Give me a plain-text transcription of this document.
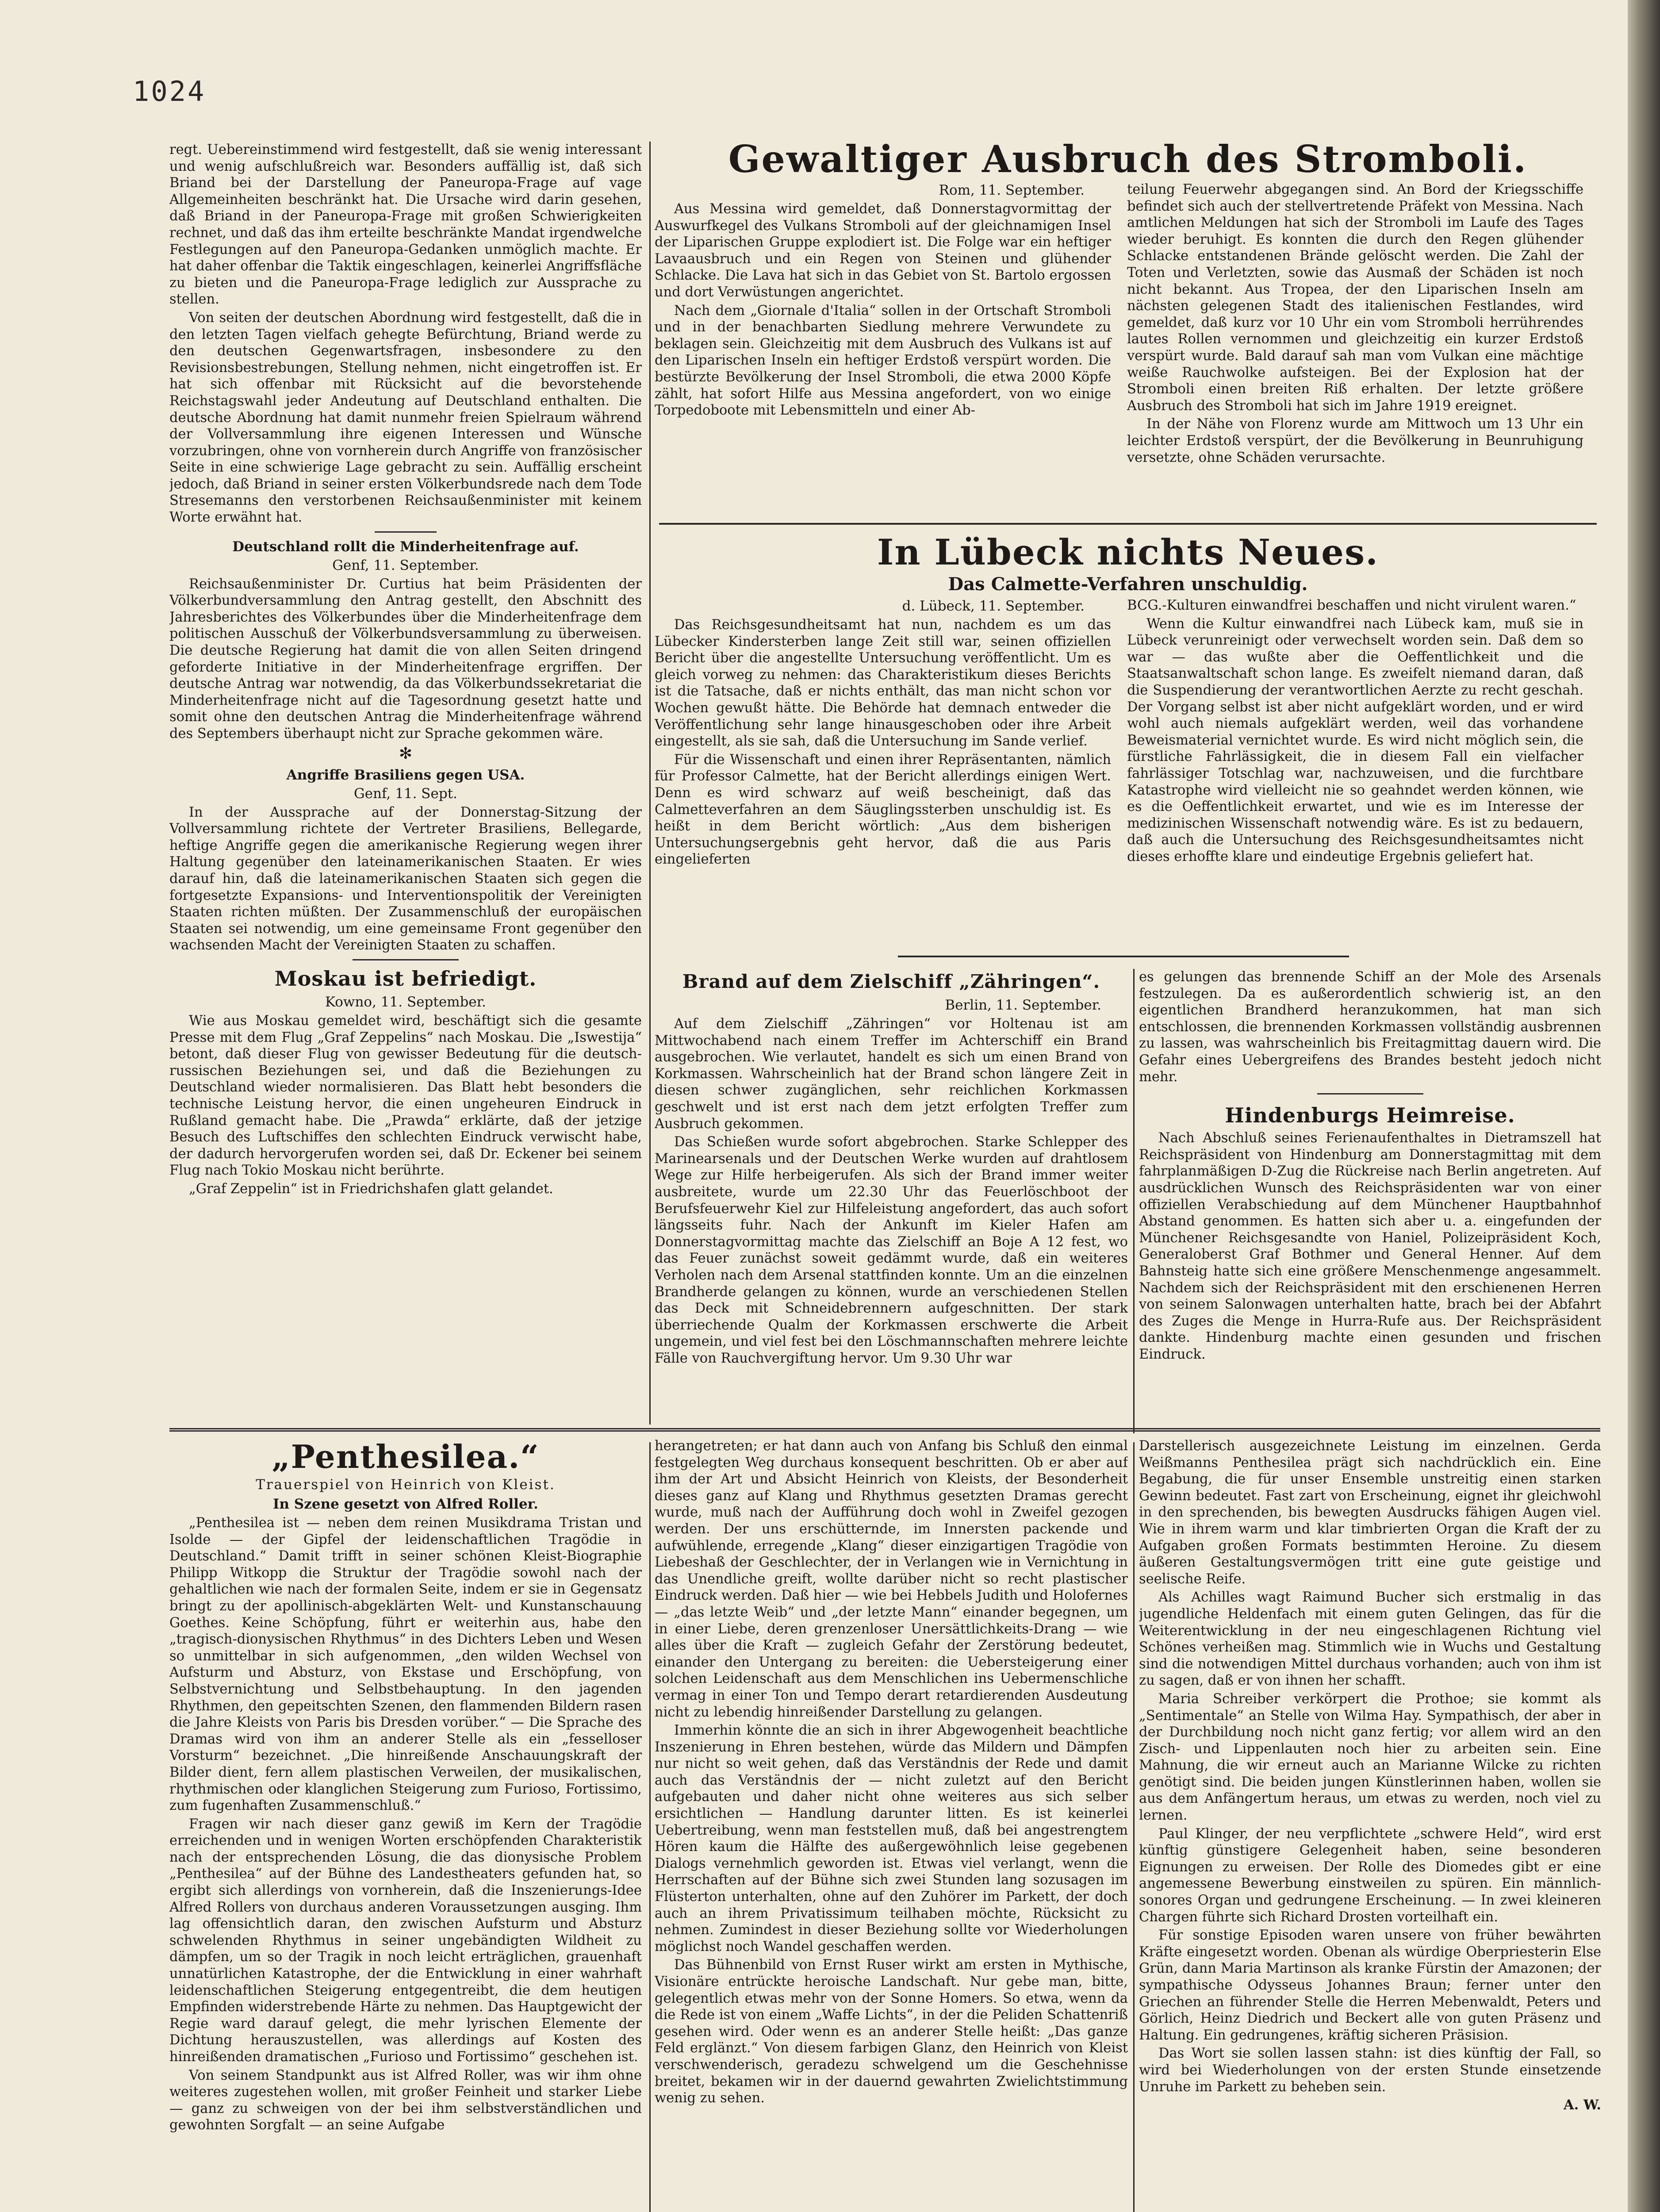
1024

regt. Uebereinstimmend wird festgestellt, daß sie wenig interessant und wenig aufschlußreich war. Besonders auffällig ist, daß sich Briand bei der Darstellung der Paneuropa-Frage auf vage Allgemeinheiten beschränkt hat. Die Ursache wird darin gesehen, daß Briand in der Paneuropa-Frage mit großen Schwierigkeiten rechnet, und daß das ihm erteilte beschränkte Mandat irgendwelche Festlegungen auf den Paneuropa-Gedanken unmöglich machte. Er hat daher offenbar die Taktik eingeschlagen, keinerlei Angriffsfläche zu bieten und die Paneuropa-Frage lediglich zur Aussprache zu stellen.

Von seiten der deutschen Abordnung wird festgestellt, daß die in den letzten Tagen vielfach gehegte Befürchtung, Briand werde zu den deutschen Gegenwartsfragen, insbesondere zu den Revisionsbestrebungen, Stellung nehmen, nicht eingetroffen ist. Er hat sich offenbar mit Rücksicht auf die bevorstehende Reichstagswahl jeder Andeutung auf Deutschland enthalten. Die deutsche Abordnung hat damit nunmehr freien Spielraum während der Vollversammlung ihre eigenen Interessen und Wünsche vorzubringen, ohne von vornherein durch Angriffe von französischer Seite in eine schwierige Lage gebracht zu sein. Auffällig erscheint jedoch, daß Briand in seiner ersten Völkerbundsrede nach dem Tode Stresemanns den verstorbenen Reichsaußenminister mit keinem Worte erwähnt hat.

Deutschland rollt die Minderheitenfrage auf.
Genf, 11. September.

Reichsaußenminister Dr. Curtius hat beim Präsidenten der Völkerbundversammlung den Antrag gestellt, den Abschnitt des Jahresberichtes des Völkerbundes über die Minderheitenfrage dem politischen Ausschuß der Völkerbundsversammlung zu überweisen. Die deutsche Regierung hat damit die von allen Seiten dringend geforderte Initiative in der Minderheitenfrage ergriffen. Der deutsche Antrag war notwendig, da das Völkerbundssekretariat die Minderheitenfrage nicht auf die Tagesordnung gesetzt hatte und somit ohne den deutschen Antrag die Minderheitenfrage während des Septembers überhaupt nicht zur Sprache gekommen wäre.

✻
Angriffe Brasiliens gegen USA.
Genf, 11. Sept.

In der Aussprache auf der Donnerstag-Sitzung der Vollversammlung richtete der Vertreter Brasiliens, Bellegarde, heftige Angriffe gegen die amerikanische Regierung wegen ihrer Haltung gegenüber den lateinamerikanischen Staaten. Er wies darauf hin, daß die lateinamerikanischen Staaten sich gegen die fortgesetzte Expansions- und Interventionspolitik der Vereinigten Staaten richten müßten. Der Zusammenschluß der europäischen Staaten sei notwendig, um eine gemeinsame Front gegenüber den wachsenden Macht der Vereinigten Staaten zu schaffen.

Moskau ist befriedigt.
Kowno, 11. September.

Wie aus Moskau gemeldet wird, beschäftigt sich die gesamte Presse mit dem Flug „Graf Zeppelins“ nach Moskau. Die „Iswestija“ betont, daß dieser Flug von gewisser Bedeutung für die deutsch-russischen Beziehungen sei, und daß die Beziehungen zu Deutschland wieder normalisieren. Das Blatt hebt besonders die technische Leistung hervor, die einen ungeheuren Eindruck in Rußland gemacht habe. Die „Prawda“ erklärte, daß der jetzige Besuch des Luftschiffes den schlechten Eindruck verwischt habe, der dadurch hervorgerufen worden sei, daß Dr. Eckener bei seinem Flug nach Tokio Moskau nicht berührte.

„Graf Zeppelin“ ist in Friedrichshafen glatt gelandet.

Gewaltiger Ausbruch des Stromboli.
Rom, 11. September.

Aus Messina wird gemeldet, daß Donnerstagvormittag der Auswurfkegel des Vulkans Stromboli auf der gleichnamigen Insel der Liparischen Gruppe explodiert ist. Die Folge war ein heftiger Lavaausbruch und ein Regen von Steinen und glühender Schlacke. Die Lava hat sich in das Gebiet von St. Bartolo ergossen und dort Verwüstungen angerichtet.

Nach dem „Giornale d'Italia“ sollen in der Ortschaft Stromboli und in der benachbarten Siedlung mehrere Verwundete zu beklagen sein. Gleichzeitig mit dem Ausbruch des Vulkans ist auf den Liparischen Inseln ein heftiger Erdstoß verspürt worden. Die bestürzte Bevölkerung der Insel Stromboli, die etwa 2000 Köpfe zählt, hat sofort Hilfe aus Messina angefordert, von wo einige Torpedoboote mit Lebensmitteln und einer Ab-

teilung Feuerwehr abgegangen sind. An Bord der Kriegsschiffe befindet sich auch der stellvertretende Präfekt von Messina. Nach amtlichen Meldungen hat sich der Stromboli im Laufe des Tages wieder beruhigt. Es konnten die durch den Regen glühender Schlacke entstandenen Brände gelöscht werden. Die Zahl der Toten und Verletzten, sowie das Ausmaß der Schäden ist noch nicht bekannt. Aus Tropea, der den Liparischen Inseln am nächsten gelegenen Stadt des italienischen Festlandes, wird gemeldet, daß kurz vor 10 Uhr ein vom Stromboli herrührendes lautes Rollen vernommen und gleichzeitig ein kurzer Erdstoß verspürt wurde. Bald darauf sah man vom Vulkan eine mächtige weiße Rauchwolke aufsteigen. Bei der Explosion hat der Stromboli einen breiten Riß erhalten. Der letzte größere Ausbruch des Stromboli hat sich im Jahre 1919 ereignet.

In der Nähe von Florenz wurde am Mittwoch um 13 Uhr ein leichter Erdstoß verspürt, der die Bevölkerung in Beunruhigung versetzte, ohne Schäden verursachte.

In Lübeck nichts Neues.
Das Calmette-Verfahren unschuldig.
d. Lübeck, 11. September.

Das Reichsgesundheitsamt hat nun, nachdem es um das Lübecker Kindersterben lange Zeit still war, seinen offiziellen Bericht über die angestellte Untersuchung veröffentlicht. Um es gleich vorweg zu nehmen: das Charakteristikum dieses Berichts ist die Tatsache, daß er nichts enthält, das man nicht schon vor Wochen gewußt hätte. Die Behörde hat demnach entweder die Veröffentlichung sehr lange hinausgeschoben oder ihre Arbeit eingestellt, als sie sah, daß die Untersuchung im Sande verlief.

Für die Wissenschaft und einen ihrer Repräsentanten, nämlich für Professor Calmette, hat der Bericht allerdings einigen Wert. Denn es wird schwarz auf weiß bescheinigt, daß das Calmetteverfahren an dem Säuglingssterben unschuldig ist. Es heißt in dem Bericht wörtlich: „Aus dem bisherigen Untersuchungsergebnis geht hervor, daß die aus Paris eingelieferten

BCG.-Kulturen einwandfrei beschaffen und nicht virulent waren.“

Wenn die Kultur einwandfrei nach Lübeck kam, muß sie in Lübeck verunreinigt oder verwechselt worden sein. Daß dem so war — das wußte aber die Oeffentlichkeit und die Staatsanwaltschaft schon lange. Es zweifelt niemand daran, daß die Suspendierung der verantwortlichen Aerzte zu recht geschah. Der Vorgang selbst ist aber nicht aufgeklärt worden, und er wird wohl auch niemals aufgeklärt werden, weil das vorhandene Beweismaterial vernichtet wurde. Es wird nicht möglich sein, die fürstliche Fahrlässigkeit, die in diesem Fall ein vielfacher fahrlässiger Totschlag war, nachzuweisen, und die furchtbare Katastrophe wird vielleicht nie so geahndet werden können, wie es die Oeffentlichkeit erwartet, und wie es im Interesse der medizinischen Wissenschaft notwendig wäre. Es ist zu bedauern, daß auch die Untersuchung des Reichsgesundheitsamtes nicht dieses erhoffte klare und eindeutige Ergebnis geliefert hat.

Brand auf dem Zielschiff „Zähringen“.
Berlin, 11. September.

Auf dem Zielschiff „Zähringen“ vor Holtenau ist am Mittwochabend nach einem Treffer im Achterschiff ein Brand ausgebrochen. Wie verlautet, handelt es sich um einen Brand von Korkmassen. Wahrscheinlich hat der Brand schon längere Zeit in diesen schwer zugänglichen, sehr reichlichen Korkmassen geschwelt und ist erst nach dem jetzt erfolgten Treffer zum Ausbruch gekommen.

Das Schießen wurde sofort abgebrochen. Starke Schlepper des Marinearsenals und der Deutschen Werke wurden auf drahtlosem Wege zur Hilfe herbeigerufen. Als sich der Brand immer weiter ausbreitete, wurde um 22.30 Uhr das Feuerlöschboot der Berufsfeuerwehr Kiel zur Hilfeleistung angefordert, das auch sofort längsseits fuhr. Nach der Ankunft im Kieler Hafen am Donnerstagvormittag machte das Zielschiff an Boje A 12 fest, wo das Feuer zunächst soweit gedämmt wurde, daß ein weiteres Verholen nach dem Arsenal stattfinden konnte. Um an die einzelnen Brandherde gelangen zu können, wurde an verschiedenen Stellen das Deck mit Schneidebrennern aufgeschnitten. Der stark überriechende Qualm der Korkmassen erschwerte die Arbeit ungemein, und viel fest bei den Löschmannschaften mehrere leichte Fälle von Rauchvergiftung hervor. Um 9.30 Uhr war

es gelungen das brennende Schiff an der Mole des Arsenals festzulegen. Da es außerordentlich schwierig ist, an den eigentlichen Brandherd heranzukommen, hat man sich entschlossen, die brennenden Korkmassen vollständig ausbrennen zu lassen, was wahrscheinlich bis Freitagmittag dauern wird. Die Gefahr eines Uebergreifens des Brandes besteht jedoch nicht mehr.

Hindenburgs Heimreise.

Nach Abschluß seines Ferienaufenthaltes in Dietramszell hat Reichspräsident von Hindenburg am Donnerstagmittag mit dem fahrplanmäßigen D-Zug die Rückreise nach Berlin angetreten. Auf ausdrücklichen Wunsch des Reichspräsidenten war von einer offiziellen Verabschiedung auf dem Münchener Hauptbahnhof Abstand genommen. Es hatten sich aber u. a. eingefunden der Münchener Reichsgesandte von Haniel, Polizeipräsident Koch, Generaloberst Graf Bothmer und General Henner. Auf dem Bahnsteig hatte sich eine größere Menschenmenge angesammelt. Nachdem sich der Reichspräsident mit den erschienenen Herren von seinem Salonwagen unterhalten hatte, brach bei der Abfahrt des Zuges die Menge in Hurra-Rufe aus. Der Reichspräsident dankte. Hindenburg machte einen gesunden und frischen Eindruck.

„Penthesilea.“
Trauerspiel von Heinrich von Kleist.
In Szene gesetzt von Alfred Roller.

„Penthesilea ist — neben dem reinen Musikdrama Tristan und Isolde — der Gipfel der leidenschaftlichen Tragödie in Deutschland.“ Damit trifft in seiner schönen Kleist-Biographie Philipp Witkopp die Struktur der Tragödie sowohl nach der gehaltlichen wie nach der formalen Seite, indem er sie in Gegensatz bringt zu der apollinisch-abgeklärten Welt- und Kunstanschauung Goethes. Keine Schöpfung, führt er weiterhin aus, habe den „tragisch-dionysischen Rhythmus“ in des Dichters Leben und Wesen so unmittelbar in sich aufgenommen, „den wilden Wechsel von Aufsturm und Absturz, von Ekstase und Erschöpfung, von Selbstvernichtung und Selbstbehauptung. In den jagenden Rhythmen, den gepeitschten Szenen, den flammenden Bildern rasen die Jahre Kleists von Paris bis Dresden vorüber.“ — Die Sprache des Dramas wird von ihm an anderer Stelle als ein „fesselloser Vorsturm“ bezeichnet. „Die hinreißende Anschauungskraft der Bilder dient, fern allem plastischen Verweilen, der musikalischen, rhythmischen oder klanglichen Steigerung zum Furioso, Fortissimo, zum fugenhaften Zusammenschluß.“

Fragen wir nach dieser ganz gewiß im Kern der Tragödie erreichenden und in wenigen Worten erschöpfenden Charakteristik nach der entsprechenden Lösung, die das dionysische Problem „Penthesilea“ auf der Bühne des Landestheaters gefunden hat, so ergibt sich allerdings von vornherein, daß die Inszenierungs-Idee Alfred Rollers von durchaus anderen Voraussetzungen ausging. Ihm lag offensichtlich daran, den zwischen Aufsturm und Absturz schwelenden Rhythmus in seiner ungebändigten Wildheit zu dämpfen, um so der Tragik in noch leicht erträglichen, grauenhaft unnatürlichen Katastrophe, der die Entwicklung in einer wahrhaft leidenschaftlichen Steigerung entgegentreibt, die dem heutigen Empfinden widerstrebende Härte zu nehmen. Das Hauptgewicht der Regie ward darauf gelegt, die mehr lyrischen Elemente der Dichtung herauszustellen, was allerdings auf Kosten des hinreißenden dramatischen „Furioso und Fortissimo“ geschehen ist.

Von seinem Standpunkt aus ist Alfred Roller, was wir ihm ohne weiteres zugestehen wollen, mit großer Feinheit und starker Liebe — ganz zu schweigen von der bei ihm selbstverständlichen und gewohnten Sorgfalt — an seine Aufgabe

herangetreten; er hat dann auch von Anfang bis Schluß den einmal festgelegten Weg durchaus konsequent beschritten. Ob er aber auf ihm der Art und Absicht Heinrich von Kleists, der Besonderheit dieses ganz auf Klang und Rhythmus gesetzten Dramas gerecht wurde, muß nach der Aufführung doch wohl in Zweifel gezogen werden. Der uns erschütternde, im Innersten packende und aufwühlende, erregende „Klang“ dieser einzigartigen Tragödie von Liebeshaß der Geschlechter, der in Verlangen wie in Vernichtung in das Unendliche greift, wollte darüber nicht so recht plastischer Eindruck werden. Daß hier — wie bei Hebbels Judith und Holofernes — „das letzte Weib“ und „der letzte Mann“ einander begegnen, um in einer Liebe, deren grenzenloser Unersättlichkeits-Drang — wie alles über die Kraft — zugleich Gefahr der Zerstörung bedeutet, einander den Untergang zu bereiten: die Uebersteigerung einer solchen Leidenschaft aus dem Menschlichen ins Uebermenschliche vermag in einer Ton und Tempo derart retardierenden Ausdeutung nicht zu lebendig hinreißender Darstellung zu gelangen.

Immerhin könnte die an sich in ihrer Abgewogenheit beachtliche Inszenierung in Ehren bestehen, würde das Mildern und Dämpfen nur nicht so weit gehen, daß das Verständnis der Rede und damit auch das Verständnis der — nicht zuletzt auf den Bericht aufgebauten und daher nicht ohne weiteres aus sich selber ersichtlichen — Handlung darunter litten. Es ist keinerlei Uebertreibung, wenn man feststellen muß, daß bei angestrengtem Hören kaum die Hälfte des außergewöhnlich leise gegebenen Dialogs vernehmlich geworden ist. Etwas viel verlangt, wenn die Herrschaften auf der Bühne sich zwei Stunden lang sozusagen im Flüsterton unterhalten, ohne auf den Zuhörer im Parkett, der doch auch an ihrem Privatissimum teilhaben möchte, Rücksicht zu nehmen. Zumindest in dieser Beziehung sollte vor Wiederholungen möglichst noch Wandel geschaffen werden.

Das Bühnenbild von Ernst Ruser wirkt am ersten in Mythische, Visionäre entrückte heroische Landschaft. Nur gebe man, bitte, gelegentlich etwas mehr von der Sonne Homers. So etwa, wenn da die Rede ist von einem „Waffe Lichts“, in der die Peliden Schattenriß gesehen wird. Oder wenn es an anderer Stelle heißt: „Das ganze Feld erglänzt.“ Von diesem farbigen Glanz, den Heinrich von Kleist verschwenderisch, geradezu schwelgend um die Geschehnisse breitet, bekamen wir in der dauernd gewahrten Zwielichtstimmung wenig zu sehen.

Darstellerisch ausgezeichnete Leistung im einzelnen. Gerda Weißmanns Penthesilea prägt sich nachdrücklich ein. Eine Begabung, die für unser Ensemble unstreitig einen starken Gewinn bedeutet. Fast zart von Erscheinung, eignet ihr gleichwohl in den sprechenden, bis bewegten Ausdrucks fähigen Augen viel. Wie in ihrem warm und klar timbrierten Organ die Kraft der zu Aufgaben großen Formats bestimmten Heroine. Zu diesem äußeren Gestaltungsvermögen tritt eine gute geistige und seelische Reife.

Als Achilles wagt Raimund Bucher sich erstmalig in das jugendliche Heldenfach mit einem guten Gelingen, das für die Weiterentwicklung in der neu eingeschlagenen Richtung viel Schönes verheißen mag. Stimmlich wie in Wuchs und Gestaltung sind die notwendigen Mittel durchaus vorhanden; auch von ihm ist zu sagen, daß er von ihnen her schafft.

Maria Schreiber verkörpert die Prothoe; sie kommt als „Sentimentale“ an Stelle von Wilma Hay. Sympathisch, der aber in der Durchbildung noch nicht ganz fertig; vor allem wird an den Zisch- und Lippenlauten noch hier zu arbeiten sein. Eine Mahnung, die wir erneut auch an Marianne Wilcke zu richten genötigt sind. Die beiden jungen Künstlerinnen haben, wollen sie aus dem Anfängertum heraus, um etwas zu werden, noch viel zu lernen.

Paul Klinger, der neu verpflichtete „schwere Held“, wird erst künftig günstigere Gelegenheit haben, seine besonderen Eignungen zu erweisen. Der Rolle des Diomedes gibt er eine angemessene Bewerbung einstweilen zu spüren. Ein männlich-sonores Organ und gedrungene Erscheinung. — In zwei kleineren Chargen führte sich Richard Drosten vorteilhaft ein.

Für sonstige Episoden waren unsere von früher bewährten Kräfte eingesetzt worden. Obenan als würdige Oberpriesterin Else Grün, dann Maria Martinson als kranke Fürstin der Amazonen; der sympathische Odysseus Johannes Braun; ferner unter den Griechen an führender Stelle die Herren Mebenwaldt, Peters und Görlich, Heinz Diedrich und Beckert alle von guten Präsenz und Haltung. Ein gedrungenes, kräftig sicheren Präsision.

Das Wort sie sollen lassen stahn: ist dies künftig der Fall, so wird bei Wiederholungen von der ersten Stunde einsetzende Unruhe im Parkett zu beheben sein.

A. W.
